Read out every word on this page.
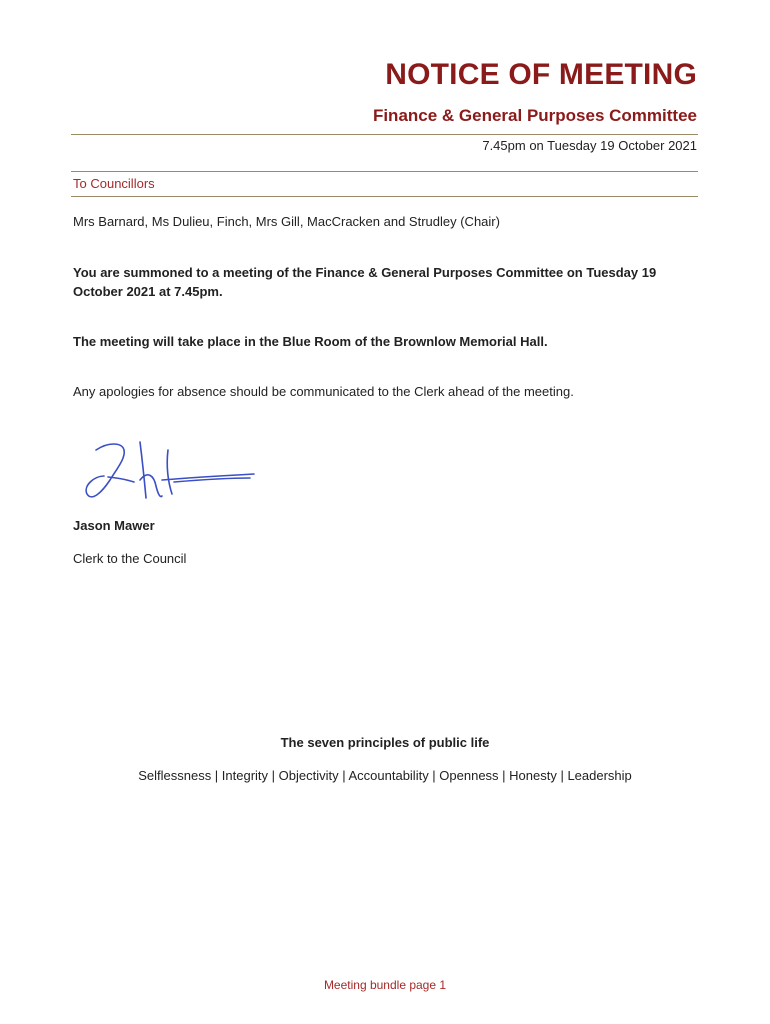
NOTICE OF MEETING
Finance & General Purposes Committee
7.45pm on Tuesday 19 October 2021
To Councillors
Mrs Barnard, Ms Dulieu, Finch, Mrs Gill, MacCracken and Strudley (Chair)
You are summoned to a meeting of the Finance & General Purposes Committee on Tuesday 19 October 2021 at 7.45pm.
The meeting will take place in the Blue Room of the Brownlow Memorial Hall.
Any apologies for absence should be communicated to the Clerk ahead of the meeting.
Jason Mawer
Clerk to the Council
The seven principles of public life
Selflessness | Integrity | Objectivity | Accountability | Openness | Honesty | Leadership
Meeting bundle page 1
